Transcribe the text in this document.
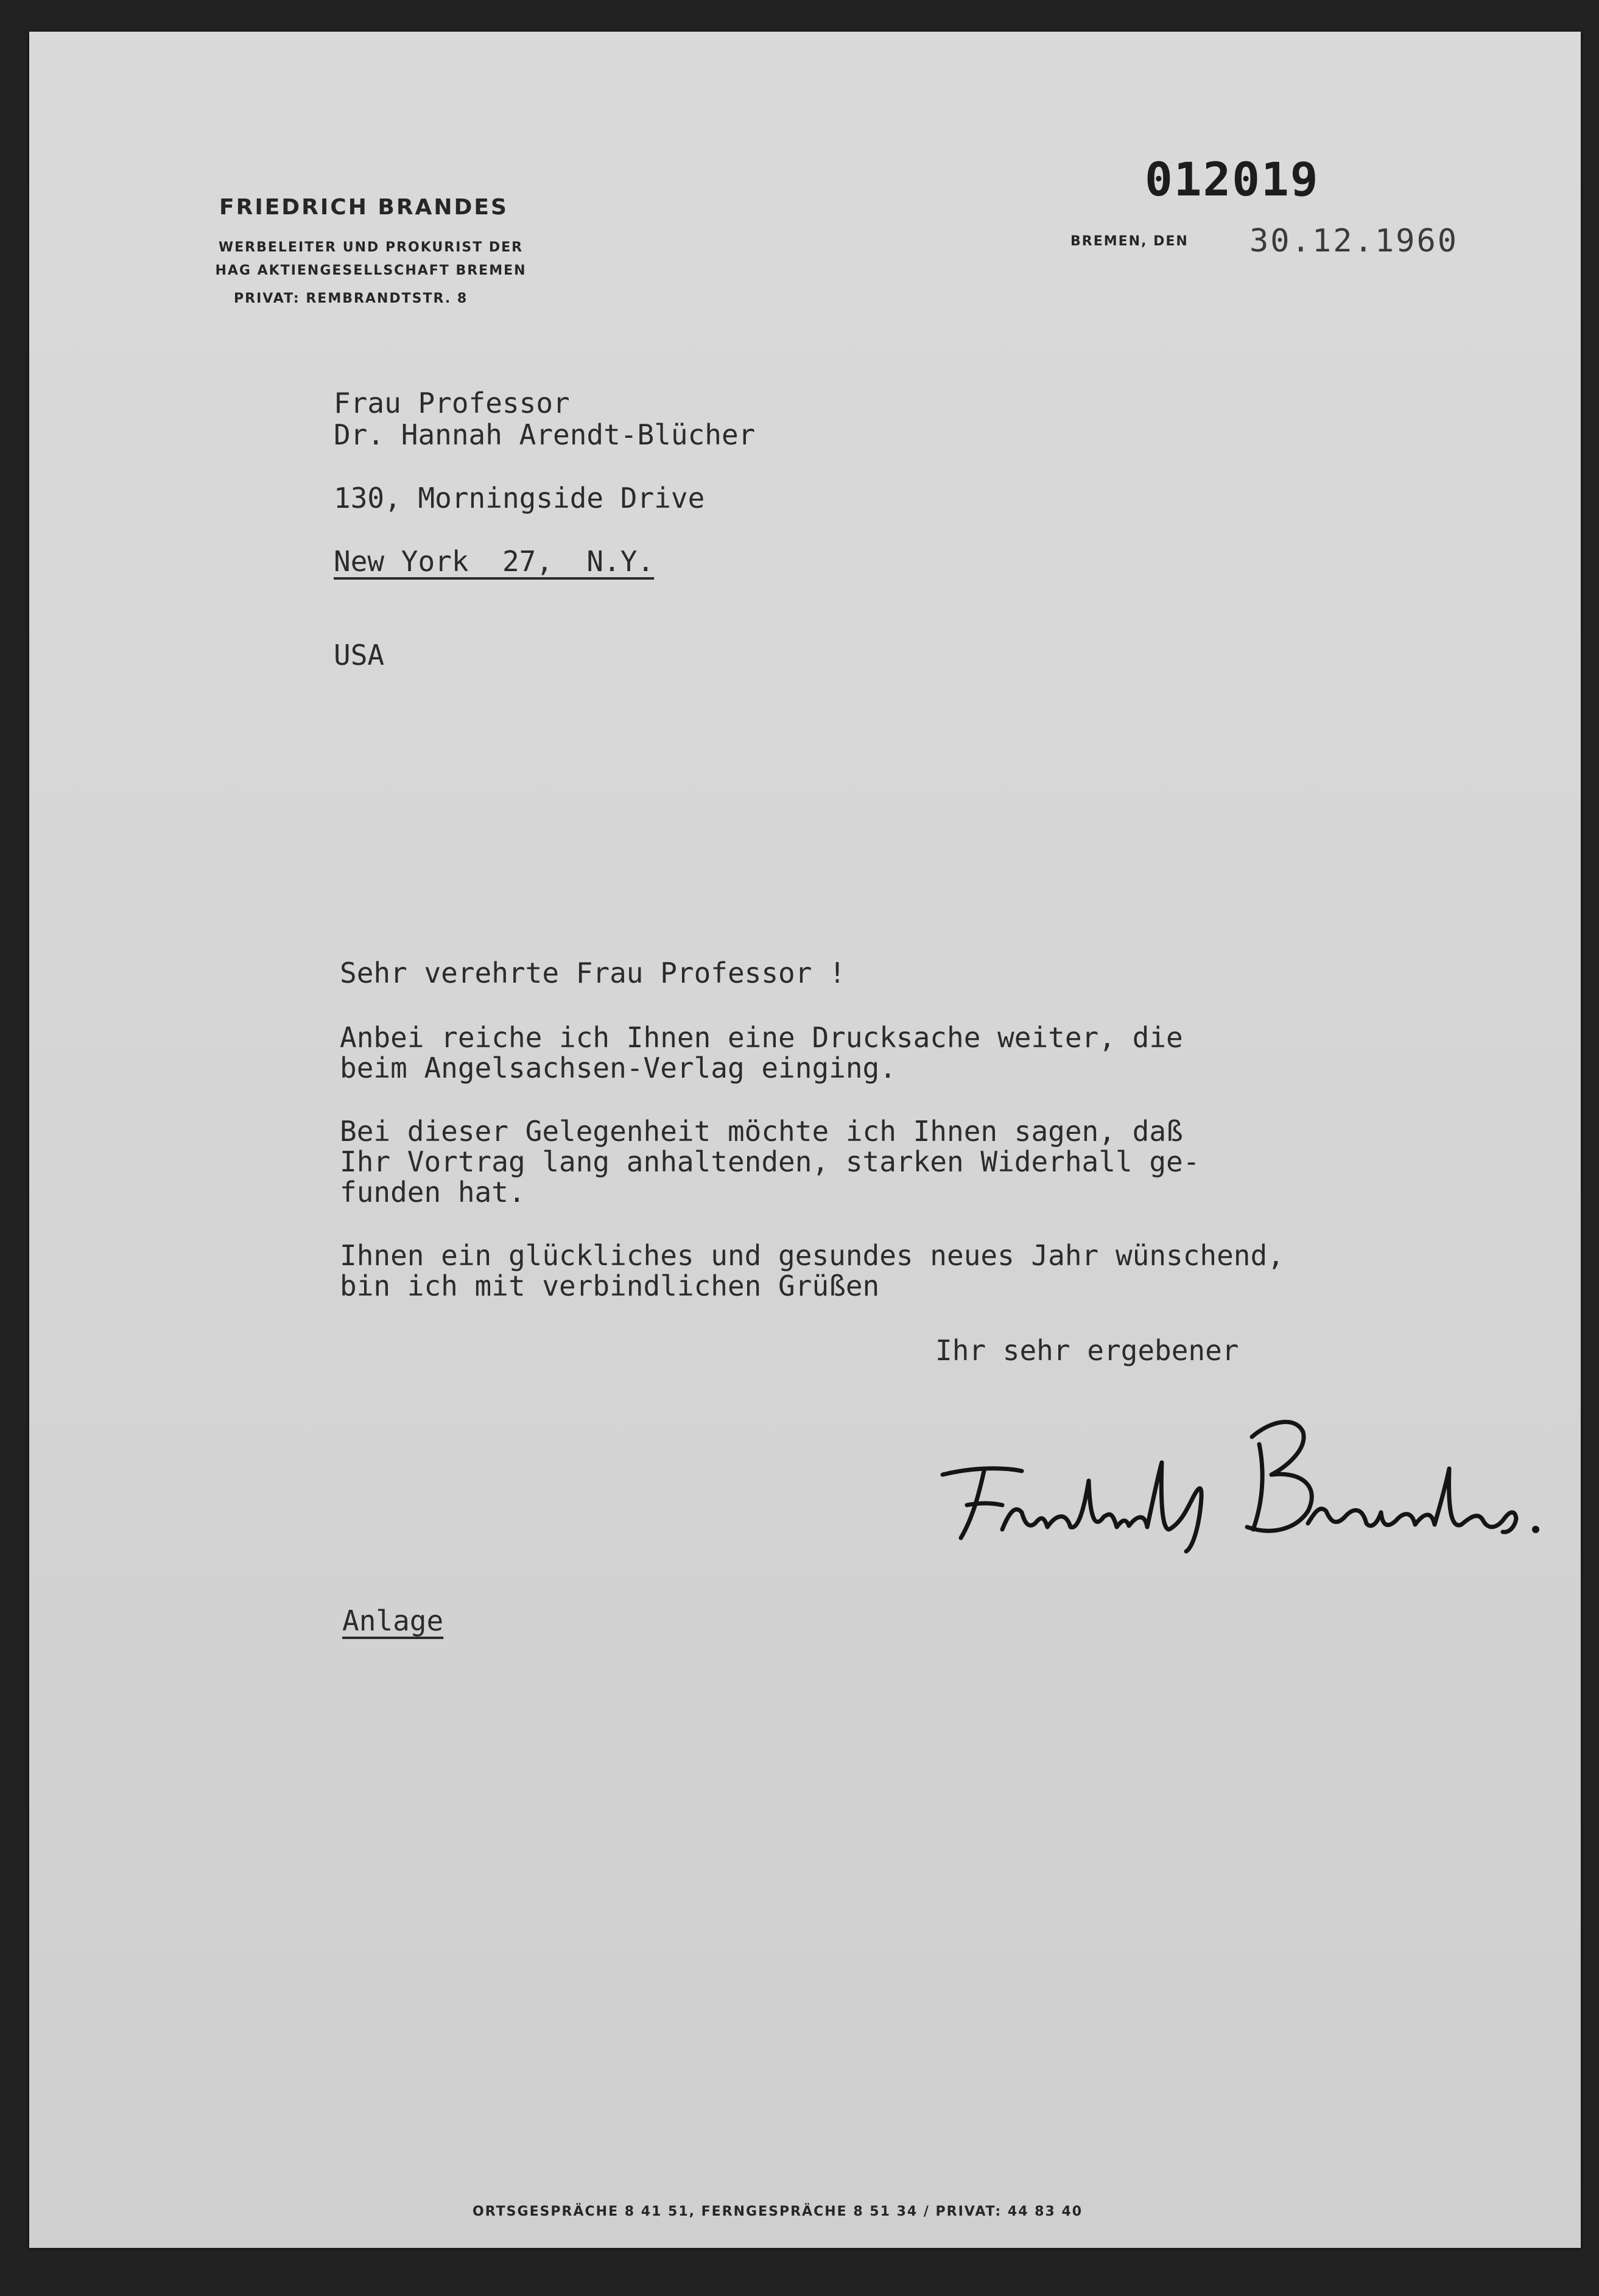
FRIEDRICH BRANDES
WERBELEITER UND PROKURIST DER
HAG AKTIENGESELLSCHAFT BREMEN
PRIVAT: REMBRANDTSTR. 8
012019
BREMEN, DEN 30.12.1960
Frau Professor
Dr. Hannah Arendt-Blücher
130, Morningside Drive
New York  27,  N.Y.
USA
Sehr verehrte Frau Professor !
Anbei reiche ich Ihnen eine Drucksache weiter, die
beim Angelsachsen-Verlag einging.
Bei dieser Gelegenheit möchte ich Ihnen sagen, daß
Ihr Vortrag lang anhaltenden, starken Widerhall ge-
funden hat.
Ihnen ein glückliches und gesundes neues Jahr wünschend,
bin ich mit verbindlichen Grüßen
Ihr sehr ergebener
Anlage
ORTSGESPRÄCHE 8 41 51, FERNGESPRÄCHE 8 51 34 / PRIVAT: 44 83 40
